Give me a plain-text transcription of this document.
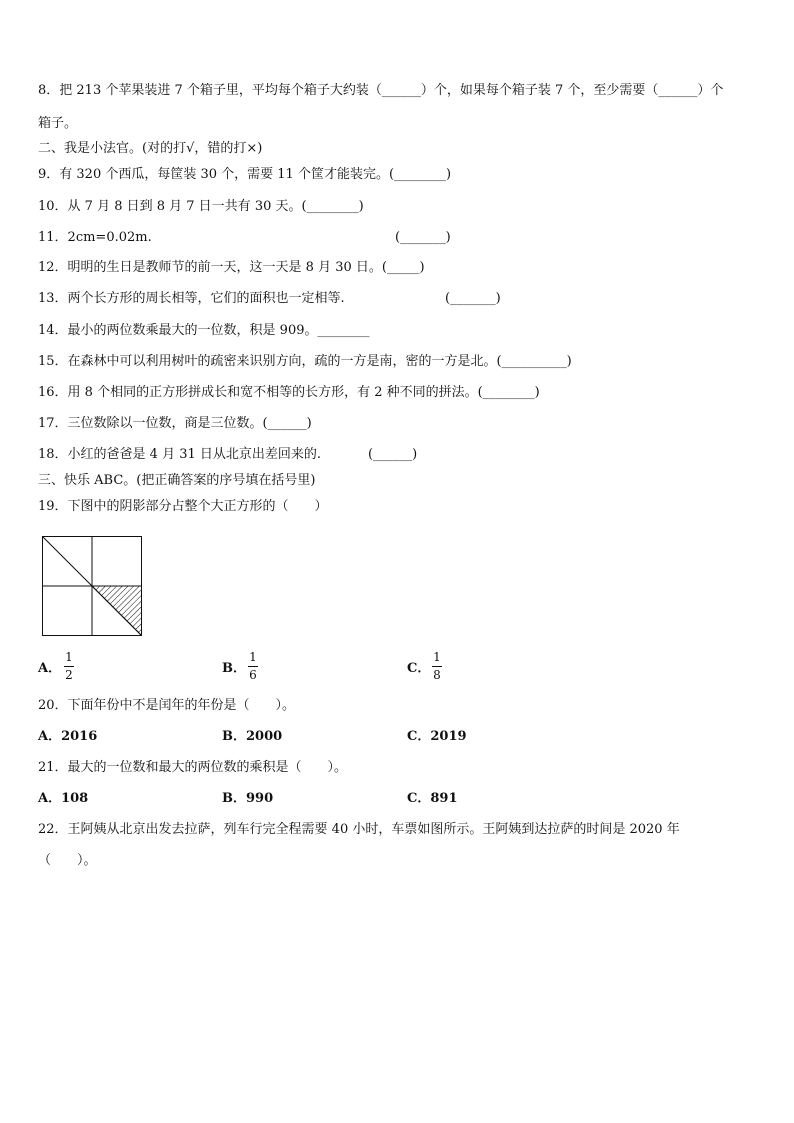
8．把 213 个苹果装进 7 个箱子里，平均每个箱子大约装（______）个，如果每个箱子装 7 个，至少需要（______）个
箱子。
二、我是小法官。(对的打√，错的打×)
9．有 320 个西瓜，每筐装 30 个，需要 11 个筐才能装完。(________)
10．从 7 月 8 日到 8 月 7 日一共有 30 天。(________)
11．2cm=0.02m.	(_______)
12．明明的生日是教师节的前一天，这一天是 8 月 30 日。(_____)
13．两个长方形的周长相等，它们的面积也一定相等.	(_______)
14．最小的两位数乘最大的一位数，积是 909。________
15．在森林中可以利用树叶的疏密来识别方向，疏的一方是南，密的一方是北。(__________)
16．用 8 个相同的正方形拼成长和宽不相等的长方形，有 2 种不同的拼法。(________)
17．三位数除以一位数，商是三位数。(______)
18．小红的爸爸是 4 月 31 日从北京出差回来的.	(______)
三、快乐 ABC。(把正确答案的序号填在括号里)
19．下图中的阴影部分占整个大正方形的（　　）
A．
1
2	B．
1
6	C．
1
8
20．下面年份中不是闰年的年份是（　　）。
A．2016	B．2000	C．2019
21．最大的一位数和最大的两位数的乘积是（　　）。
A．108	B．990	C．891
22．王阿姨从北京出发去拉萨，列车行完全程需要 40 小时，车票如图所示。王阿姨到达拉萨的时间是 2020 年
（　　）。
